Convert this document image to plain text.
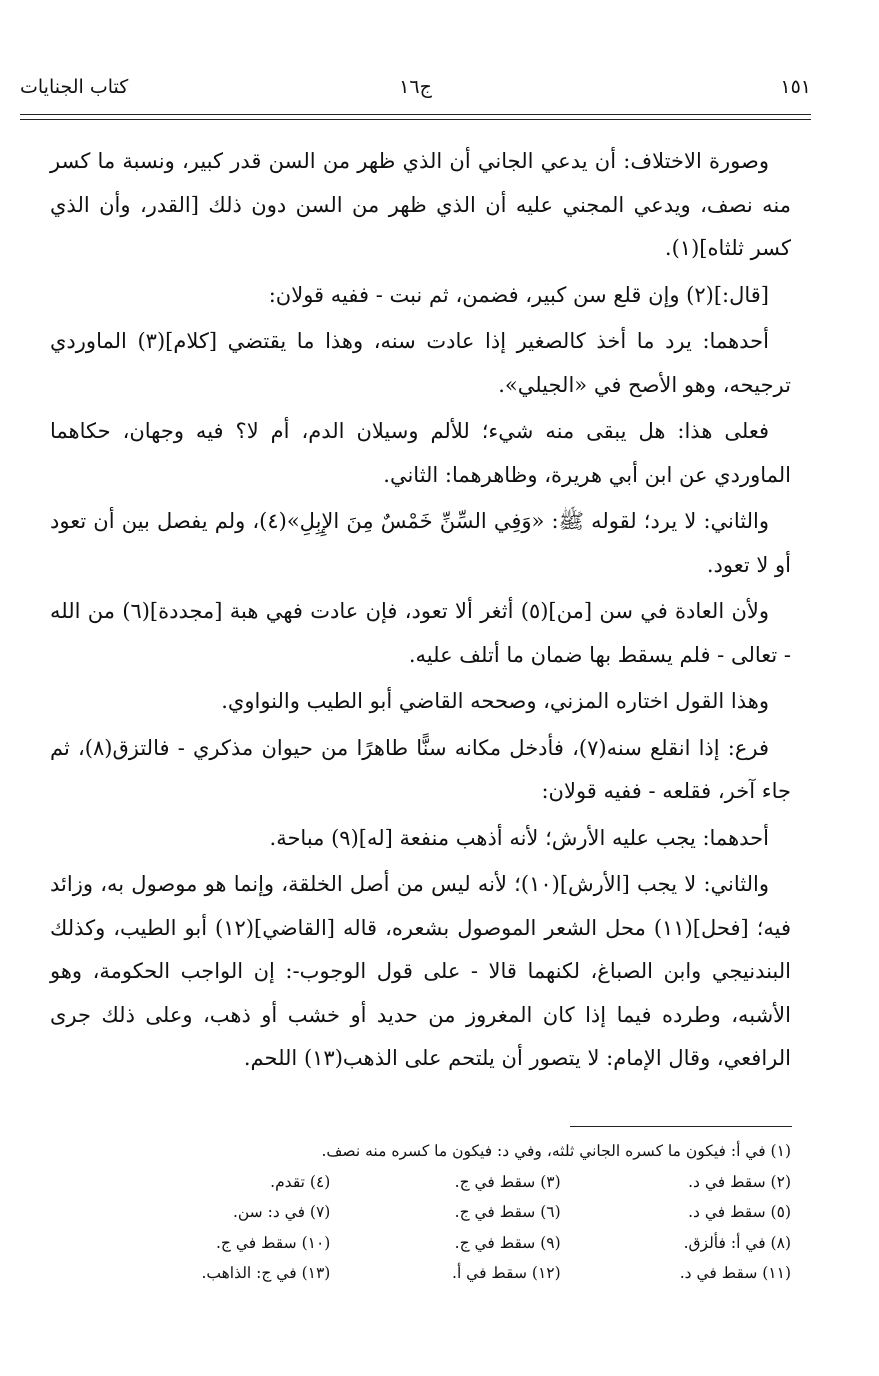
١٥١
ج١٦
كتاب الجنايات

وصورة الاختلاف: أن يدعي الجاني أن الذي ظهر من السن قدر كبير، ونسبة ما كسر منه نصف، ويدعي المجني عليه أن الذي ظهر من السن دون ذلك [القدر، وأن الذي كسر ثلثاه](١).

[قال:](٢) وإن قلع سن كبير، فضمن، ثم نبت - ففيه قولان:

أحدهما: يرد ما أخذ كالصغير إذا عادت سنه، وهذا ما يقتضي [كلام](٣) الماوردي ترجيحه، وهو الأصح في «الجيلي».

فعلى هذا: هل يبقى منه شيء؛ للألم وسيلان الدم، أم لا؟ فيه وجهان، حكاهما الماوردي عن ابن أبي هريرة، وظاهرهما: الثاني.

والثاني: لا يرد؛ لقوله ﷺ: «وَفِي السِّنِّ خَمْسٌ مِنَ الإِبِلِ»(٤)، ولم يفصل بين أن تعود أو لا تعود.

ولأن العادة في سن [من](٥) أثغر ألا تعود، فإن عادت فهي هبة [مجددة](٦) من الله - تعالى - فلم يسقط بها ضمان ما أتلف عليه.

وهذا القول اختاره المزني، وصححه القاضي أبو الطيب والنواوي.

فرع: إذا انقلع سنه(٧)، فأدخل مكانه سنًّا طاهرًا من حيوان مذكري - فالتزق(٨)، ثم جاء آخر، فقلعه - ففيه قولان:

أحدهما: يجب عليه الأرش؛ لأنه أذهب منفعة [له](٩) مباحة.

والثاني: لا يجب [الأرش](١٠)؛ لأنه ليس من أصل الخلقة، وإنما هو موصول به، وزائد فيه؛ [فحل](١١) محل الشعر الموصول بشعره، قاله [القاضي](١٢) أبو الطيب، وكذلك البندنيجي وابن الصباغ، لكنهما قالا - على قول الوجوب-: إن الواجب الحكومة، وهو الأشبه، وطرده فيما إذا كان المغروز من حديد أو خشب أو ذهب، وعلى ذلك جرى الرافعي، وقال الإمام: لا يتصور أن يلتحم على الذهب(١٣) اللحم.

(١) في أ: فيكون ما كسره الجاني ثلثه، وفي د: فيكون ما كسره منه نصف.
(٢) سقط في د.
(٣) سقط في ج.
(٤) تقدم.
(٥) سقط في د.
(٦) سقط في ج.
(٧) في د: سن.
(٨) في أ: فألزق.
(٩) سقط في ج.
(١٠) سقط في ج.
(١١) سقط في د.
(١٢) سقط في أ.
(١٣) في ج: الذاهب.
